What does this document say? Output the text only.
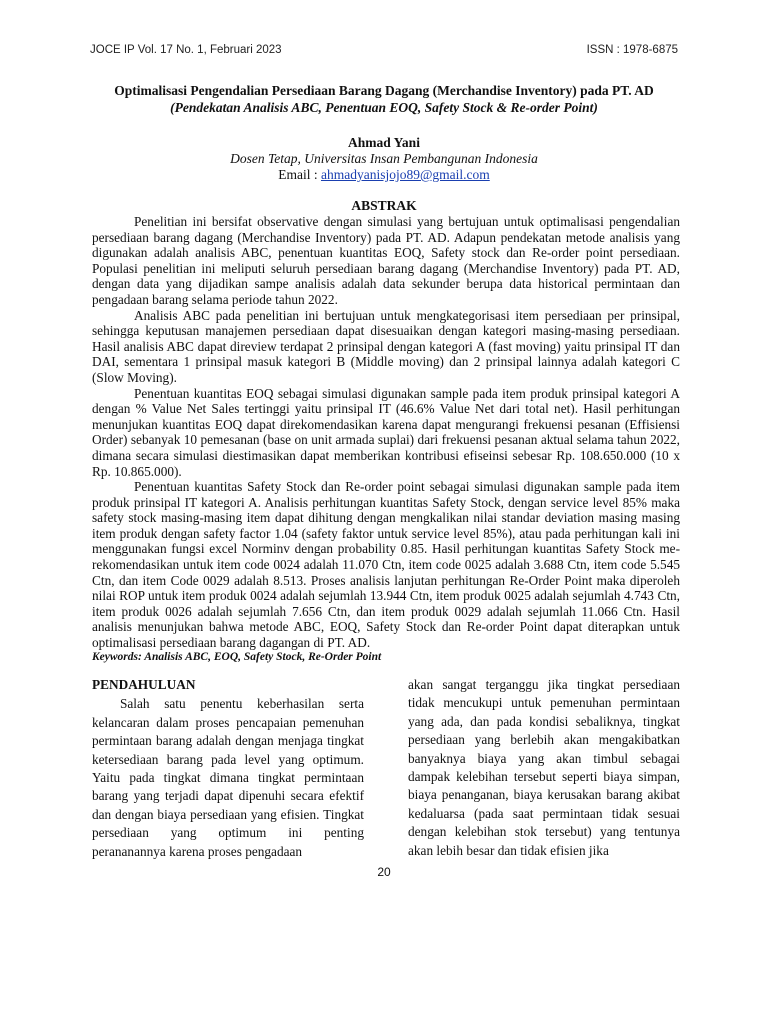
JOCE IP Vol. 17 No. 1, Februari 2023	ISSN : 1978-6875
Optimalisasi Pengendalian Persediaan Barang Dagang (Merchandise Inventory) pada PT. AD
(Pendekatan Analisis ABC, Penentuan EOQ, Safety Stock & Re-order Point)
Ahmad Yani
Dosen Tetap, Universitas Insan Pembangunan Indonesia
Email : ahmadyanisjojo89@gmail.com
ABSTRAK

Penelitian ini bersifat observative dengan simulasi yang bertujuan untuk optimalisasi pengendalian persediaan barang dagang (Merchandise Inventory) pada PT. AD. Adapun pendekatan metode analisis yang digunakan adalah analisis ABC, penentuan kuantitas EOQ, Safety stock dan Re-order point persediaan. Populasi penelitian ini meliputi seluruh persediaan barang dagang (Merchandise Inventory) pada PT. AD, dengan data yang dijadikan sampe analisis adalah data sekunder berupa data historical permintaan dan pengadaan barang selama periode tahun 2022.

Analisis ABC pada penelitian ini bertujuan untuk mengkategorisasi item persediaan per prinsipal, sehingga keputusan manajemen persediaan dapat disesuaikan dengan kategori masing-masing persediaan. Hasil analisis ABC dapat direview terdapat 2 prinsipal dengan kategori A (fast moving) yaitu prinsipal IT dan DAI, sementara 1 prinsipal masuk kategori B (Middle moving) dan 2 prinsipal lainnya adalah kategori C (Slow Moving).

Penentuan kuantitas EOQ sebagai simulasi digunakan sample pada item produk prinsipal kategori A dengan % Value Net Sales tertinggi yaitu prinsipal IT (46.6% Value Net dari total net). Hasil perhitungan menunjukan kuantitas EOQ dapat direkomendasikan karena dapat mengurangi frekuensi pesanan (Effisiensi Order) sebanyak 10 pemesanan (base on unit armada suplai) dari frekuensi pesanan aktual selama tahun 2022, dimana secara simulasi diestimasikan dapat memberikan kontribusi efiseinsi sebesar Rp. 108.650.000 (10 x Rp. 10.865.000).

Penentuan kuantitas Safety Stock dan Re-order point sebagai simulasi digunakan sample pada item produk prinsipal IT kategori A. Analisis perhitungan kuantitas Safety Stock, dengan service level 85% maka safety stock masing-masing item dapat dihitung dengan mengkalikan nilai standar deviation masing masing item produk dengan safety factor 1.04 (safety faktor untuk service level 85%), atau pada perhitungan kali ini menggunakan fungsi excel Norminv dengan probability 0.85. Hasil perhitungan kuantitas Safety Stock me-rekomendasikan untuk item code 0024 adalah 11.070 Ctn, item code 0025 adalah 3.688 Ctn, item code 5.545 Ctn, dan item Code 0029 adalah 8.513. Proses analisis lanjutan perhitungan Re-Order Point maka diperoleh nilai ROP untuk item produk 0024 adalah sejumlah 13.944 Ctn, item produk 0025 adalah sejumlah 4.743 Ctn, item produk 0026 adalah sejumlah 7.656 Ctn, dan item produk 0029 adalah sejumlah 11.066 Ctn. Hasil analisis menunjukan bahwa metode ABC, EOQ, Safety Stock dan Re-order Point dapat diterapkan untuk optimalisasi persediaan barang dagangan di PT. AD.

Keywords: Analisis ABC, EOQ, Safety Stock, Re-Order Point
PENDAHULUAN

Salah satu penentu keberhasilan serta kelancaran dalam proses pencapaian pemenuhan permintaan barang adalah dengan menjaga tingkat ketersediaan barang pada level yang optimum. Yaitu pada tingkat dimana tingkat permintaan barang yang terjadi dapat dipenuhi secara efektif dan dengan biaya persediaan yang efisien. Tingkat persediaan yang optimum ini penting perananannya karena proses pengadaan

akan sangat terganggu jika tingkat persediaan tidak mencukupi untuk pemenuhan permintaan yang ada, dan pada kondisi sebaliknya, tingkat persediaan yang berlebih akan mengakibatkan banyaknya biaya yang akan timbul sebagai dampak kelebihan tersebut seperti biaya simpan, biaya penanganan, biaya kerusakan barang akibat kedaluarsa (pada saat permintaan tidak sesuai dengan kelebihan stok tersebut) yang tentunya akan lebih besar dan tidak efisien jika

20
